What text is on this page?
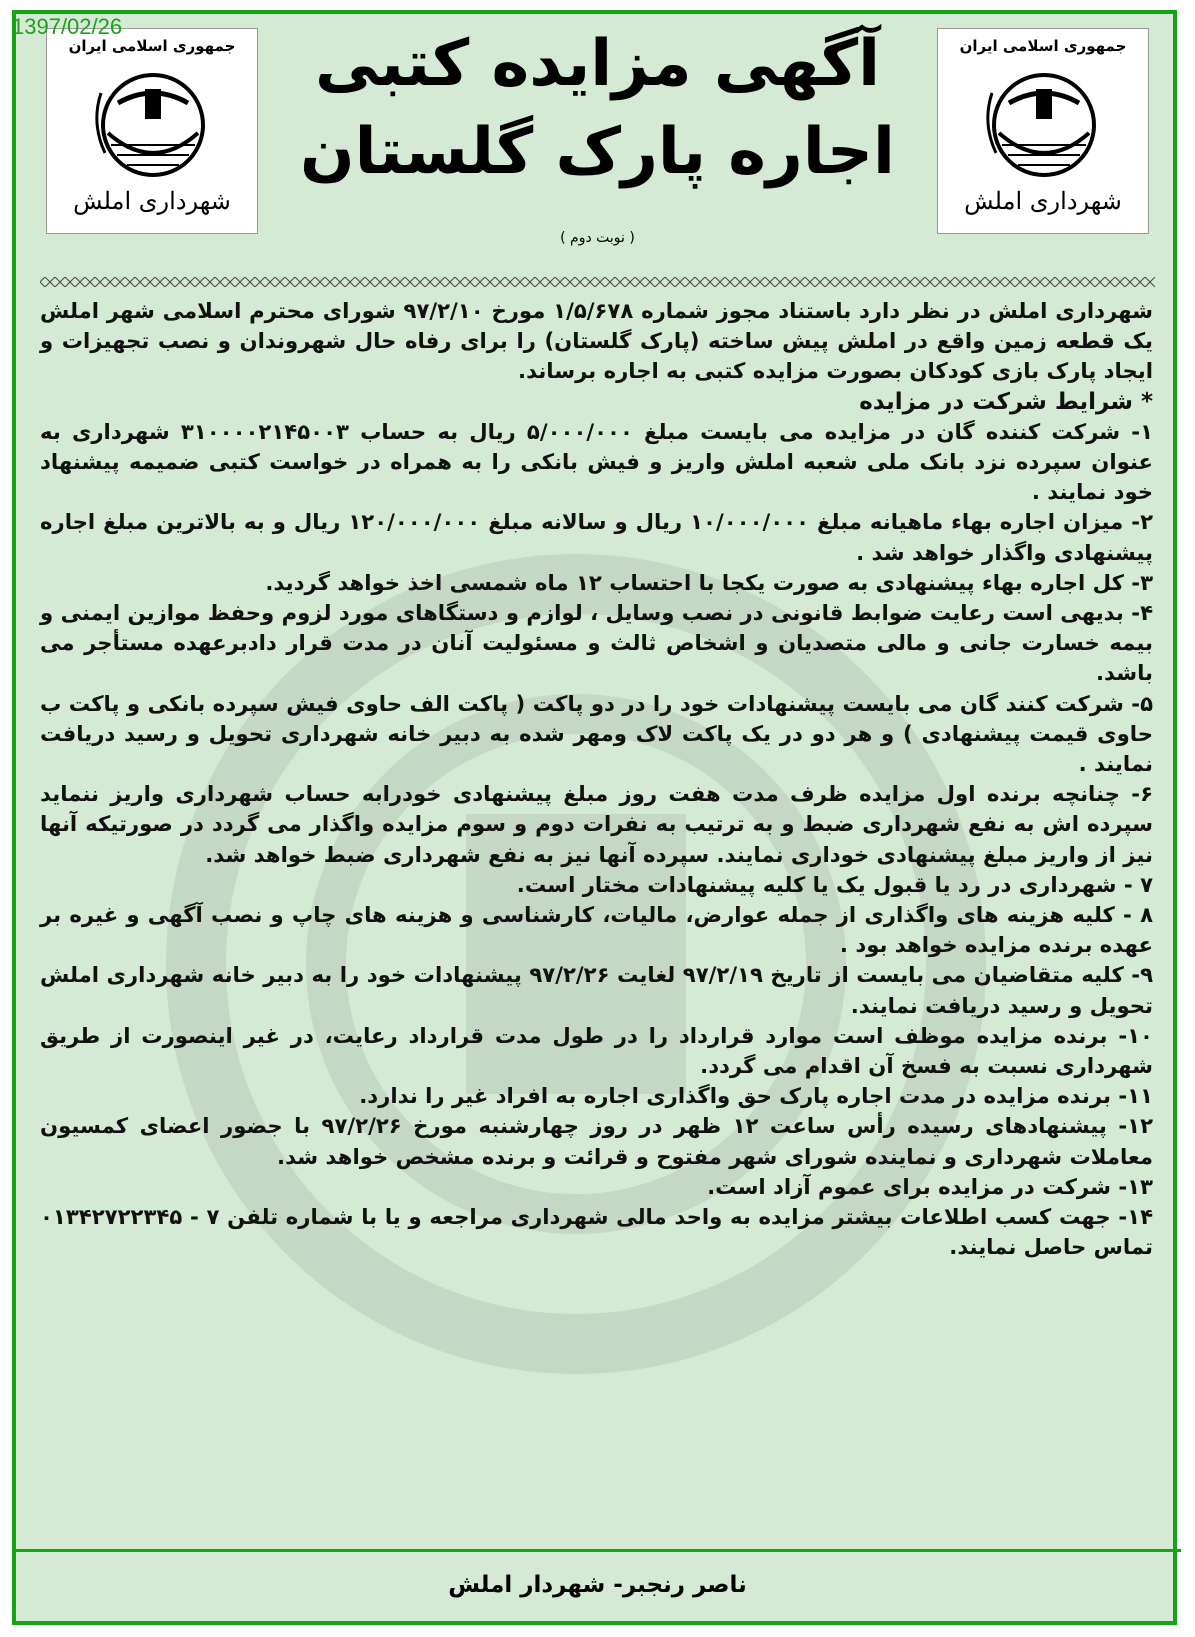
1397/02/26
جمهوری اسلامی ایران
شهرداری املش
جمهوری اسلامی ایران
شهرداری املش
آگهی مزایده کتبی
اجاره پارک گلستان
( نوبت دوم )

شهرداری املش در نظر دارد باستناد مجوز شماره ۱/۵/۶۷۸ مورخ ۹۷/۲/۱۰ شورای محترم اسلامی شهر املش یک قطعه زمین واقع در املش پیش ساخته (پارک گلستان) را برای رفاه حال شهروندان و نصب تجهیزات و ایجاد پارک بازی کودکان بصورت مزایده کتبی به اجاره برساند.

* شرایط شرکت در مزایده

۱- شرکت کننده گان در مزایده می بایست مبلغ ۵/۰۰۰/۰۰۰ ریال به حساب ۳۱۰۰۰۰۲۱۴۵۰۰۳ شهرداری به عنوان سپرده نزد بانک ملی شعبه املش واریز و فیش بانکی را به همراه در خواست کتبی ضمیمه پیشنهاد خود نمایند .

۲- میزان اجاره بهاء ماهیانه مبلغ ۱۰/۰۰۰/۰۰۰ ریال و سالانه مبلغ ۱۲۰/۰۰۰/۰۰۰ ریال و به بالاترین مبلغ اجاره پیشنهادی واگذار خواهد شد .

۳- کل اجاره بهاء پیشنهادی به صورت یکجا با احتساب ۱۲ ماه شمسی اخذ خواهد گردید.

۴- بدیهی است رعایت ضوابط قانونی در نصب وسایل ، لوازم و دستگاهای مورد لزوم وحفظ موازین ایمنی و بیمه خسارت جانی و مالی متصدیان و اشخاص ثالث و مسئولیت آنان در مدت قرار دادبرعهده مستأجر می باشد.

۵- شرکت کنند گان می بایست پیشنهادات خود را در دو پاکت ( پاکت الف حاوی فیش سپرده بانکی و پاکت ب حاوی قیمت پیشنهادی ) و هر دو در یک پاکت لاک ومهر شده به دبیر خانه شهرداری تحویل و رسید دریافت نمایند .

۶- چنانچه برنده اول مزایده ظرف مدت هفت روز مبلغ پیشنهادی خودرابه حساب شهرداری واریز ننماید سپرده اش به نفع شهرداری ضبط و به ترتیب به نفرات دوم و سوم مزایده واگذار می گردد در صورتیکه آنها نیز از واریز مبلغ پیشنهادی خوداری نمایند. سپرده آنها نیز به نفع شهرداری ضبط خواهد شد.

۷ - شهرداری در رد یا قبول یک یا کلیه پیشنهادات مختار است.

۸ - کلیه هزینه های واگذاری از جمله عوارض، مالیات، کارشناسی و هزینه های چاپ و نصب آگهی و غیره بر عهده برنده مزایده خواهد بود .

۹- کلیه متقاضیان می بایست از تاریخ ۹۷/۲/۱۹ لغایت ۹۷/۲/۲۶ پیشنهادات خود را به دبیر خانه شهرداری املش تحویل و رسید دریافت نمایند.

۱۰- برنده مزایده موظف است موارد قرارداد را در طول مدت قرارداد رعایت، در غیر اینصورت از طریق شهرداری نسبت به فسخ آن اقدام می گردد.

۱۱- برنده مزایده در مدت اجاره پارک حق واگذاری اجاره به افراد غیر را ندارد.

۱۲- پیشنهادهای رسیده رأس ساعت ۱۲ ظهر در روز چهارشنبه مورخ ۹۷/۲/۲۶ با جضور اعضای کمسیون معاملات شهرداری و نماینده شورای شهر مفتوح و قرائت و برنده مشخص خواهد شد.

۱۳- شرکت در مزایده برای عموم آزاد است.

۱۴- جهت کسب اطلاعات بیشتر مزایده به واحد مالی شهرداری مراجعه و یا با شماره تلفن ۷ - ۰۱۳۴۲۷۲۲۳۴۵ تماس حاصل نمایند.

ناصر رنجبر- شهردار املش
